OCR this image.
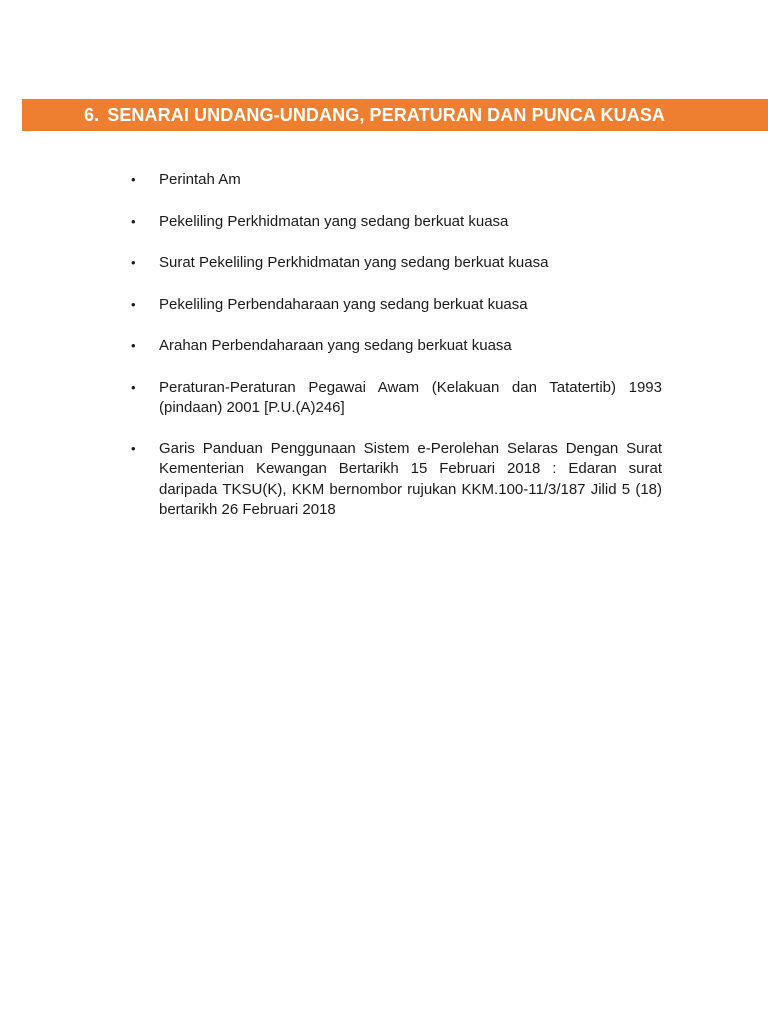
6. SENARAI UNDANG-UNDANG, PERATURAN DAN PUNCA KUASA
•	Perintah Am
•	Pekeliling Perkhidmatan yang sedang berkuat kuasa
•	Surat Pekeliling Perkhidmatan yang sedang berkuat kuasa
•	Pekeliling Perbendaharaan yang sedang berkuat kuasa
•	Arahan Perbendaharaan yang sedang berkuat kuasa
•	Peraturan-Peraturan Pegawai Awam (Kelakuan dan Tatatertib) 1993 (pindaan) 2001 [P.U.(A)246]
•	Garis Panduan Penggunaan Sistem e-Perolehan Selaras Dengan Surat Kementerian Kewangan Bertarikh 15 Februari 2018 : Edaran surat daripada TKSU(K), KKM bernombor rujukan KKM.100-11/3/187 Jilid 5 (18) bertarikh 26 Februari 2018
